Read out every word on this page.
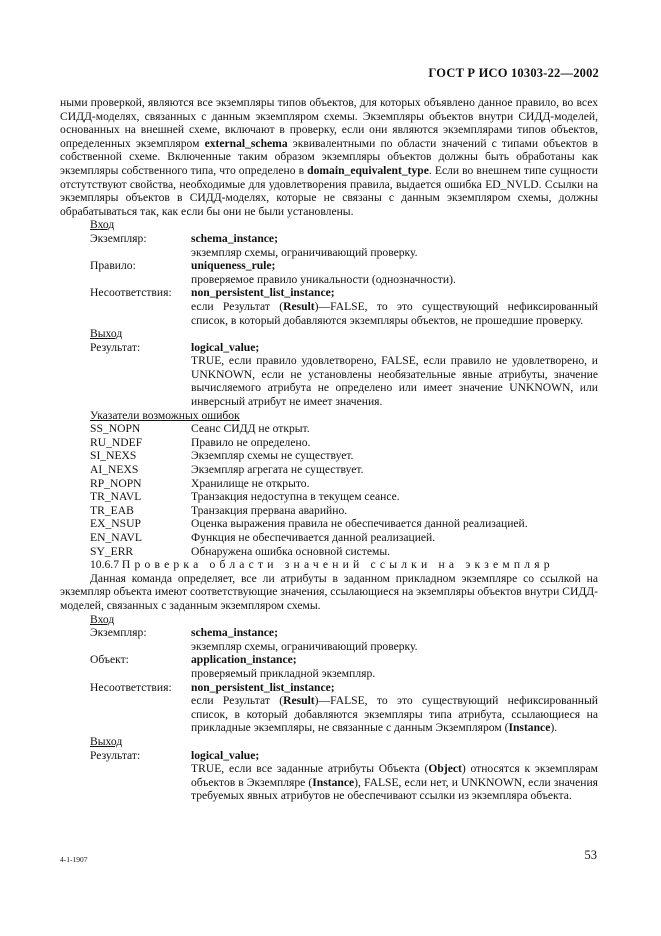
ГОСТ Р ИСО 10303-22—2002

ными проверкой, являются все экземпляры типов объектов, для которых объявлено данное правило, во всех СИДД-моделях, связанных с данным экземпляром схемы. Экземпляры объектов внутри СИДД-моделей, основанных на внешней схеме, включают в проверку, если они являются экземплярами типов объектов, определенных экземпляром external_schema эквивалентными по области значений с типами объектов в собственной схеме. Включенные таким образом экземпляры объектов должны быть обработаны как экземпляры собственного типа, что определено в domain_equivalent_type. Если во внешнем типе сущности отстутствуют свойства, необходимые для удовлетворения правила, выдается ошибка ED_NVLD. Ссылки на экземпляры объектов в СИДД-моделях, которые не связаны с данным экземпляром схемы, должны обрабатываться так, как если бы они не были установлены.

Вход

Экземпляр:	schema_instance;
экземпляр схемы, ограничивающий проверку.
Правило:	uniqueness_rule;
проверяемое правило уникальности (однозначности).
Несоответствия:	non_persistent_list_instance;
если Результат (Result)—FALSE, то это существующий нефиксированный список, в который добавляются экземпляры объектов, не прошедшие проверку.

Выход

Результат:	logical_value;
TRUE, если правило удовлетворено, FALSE, если правило не удовлетворено, и UNKNOWN, если не установлены необязательные явные атрибуты, значение вычисляемого атрибута не определено или имеет значение UNKNOWN, или инверсный атрибут не имеет значения.

Указатели возможных ошибок

SS_NOPN	Сеанс СИДД не открыт.
RU_NDEF	Правило не определено.
SI_NEXS	Экземпляр схемы не существует.
AI_NEXS	Экземпляр агрегата не существует.
RP_NOPN	Хранилище не открыто.
TR_NAVL	Транзакция недоступна в текущем сеансе.
TR_EAB	Транзакция прервана аварийно.
EX_NSUP	Оценка выражения правила не обеспечивается данной реализацией.
EN_NAVL	Функция не обеспечивается данной реализацией.
SY_ERR	Обнаружена ошибка основной системы.

10.6.7 Проверка области значений ссылки на экземпляр

Данная команда определяет, все ли атрибуты в заданном прикладном экземпляре со ссылкой на экземпляр объекта имеют соответствующие значения, ссылающиеся на экземпляры объектов внутри СИДД-моделей, связанных с заданным экземпляром схемы.

Вход

Экземпляр:	schema_instance;
экземпляр схемы, ограничивающий проверку.
Объект:	application_instance;
проверяемый прикладной экземпляр.
Несоответствия:	non_persistent_list_instance;
если Результат (Result)—FALSE, то это существующий нефиксированный список, в который добавляются экземпляры типа атрибута, ссылающиеся на прикладные экземпляры, не связанные с данным Экземпляром (Instance).

Выход

Результат:	logical_value;
TRUE, если все заданные атрибуты Объекта (Object) относятся к экземплярам объектов в Экземпляре (Instance), FALSE, если нет, и UNKNOWN, если значения требуемых явных атрибутов не обеспечивают ссылки из экземпляра объекта.
4-1-1907	53
